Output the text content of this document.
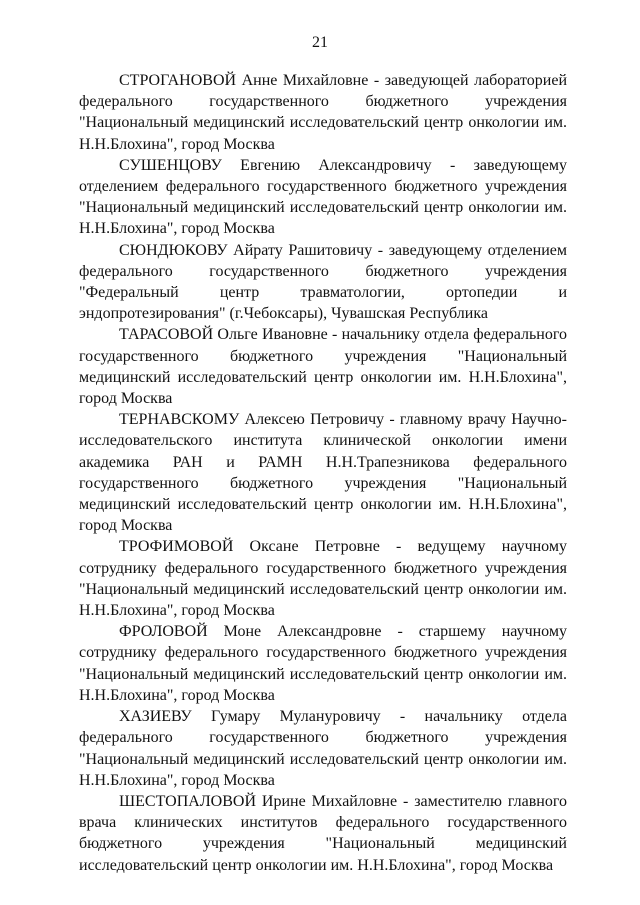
21

СТРОГАНОВОЙ Анне Михайловне - заведующей лабораторией федерального государственного бюджетного учреждения "Национальный медицинский исследовательский центр онкологии им. Н.Н.Блохина", город Москва

СУШЕНЦОВУ Евгению Александровичу - заведующему отделением федерального государственного бюджетного учреждения "Национальный медицинский исследовательский центр онкологии им. Н.Н.Блохина", город Москва

СЮНДЮКОВУ Айрату Рашитовичу - заведующему отделением федерального государственного бюджетного учреждения "Федеральный центр травматологии, ортопедии и эндопротезирования" (г.Чебоксары), Чувашская Республика

ТАРАСОВОЙ Ольге Ивановне - начальнику отдела федерального государственного бюджетного учреждения "Национальный медицинский исследовательский центр онкологии им. Н.Н.Блохина", город Москва

ТЕРНАВСКОМУ Алексею Петровичу - главному врачу Научно-исследовательского института клинической онкологии имени академика РАН и РАМН Н.Н.Трапезникова федерального государственного бюджетного учреждения "Национальный медицинский исследовательский центр онкологии им. Н.Н.Блохина", город Москва

ТРОФИМОВОЙ Оксане Петровне - ведущему научному сотруднику федерального государственного бюджетного учреждения "Национальный медицинский исследовательский центр онкологии им. Н.Н.Блохина", город Москва

ФРОЛОВОЙ Моне Александровне - старшему научному сотруднику федерального государственного бюджетного учреждения "Национальный медицинский исследовательский центр онкологии им. Н.Н.Блохина", город Москва

ХАЗИЕВУ Гумару Мулануровичу - начальнику отдела федерального государственного бюджетного учреждения "Национальный медицинский исследовательский центр онкологии им. Н.Н.Блохина", город Москва

ШЕСТОПАЛОВОЙ Ирине Михайловне - заместителю главного врача клинических институтов федерального государственного бюджетного учреждения "Национальный медицинский исследовательский центр онкологии им. Н.Н.Блохина", город Москва
